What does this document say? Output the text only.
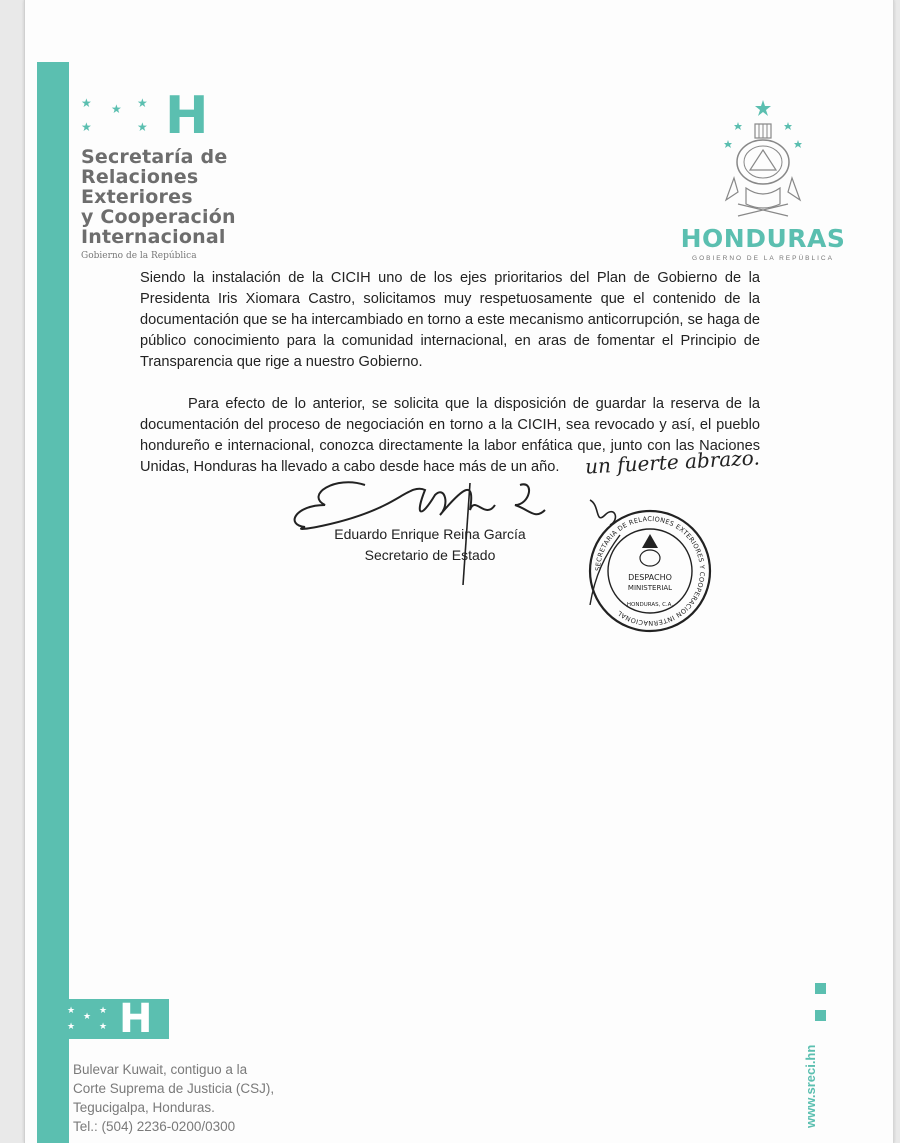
★ ★ ★
★	★ H
Secretaría de
Relaciones
Exteriores
y Cooperación
Internacional
Gobierno de la República
HONDURAS
GOBIERNO DE LA REPÚBLICA

Siendo la instalación de la CICIH uno de los ejes prioritarios del Plan de Gobierno de la Presidenta Iris Xiomara Castro, solicitamos muy respetuosamente que el contenido de la documentación que se ha intercambiado en torno a este mecanismo anticorrupción, se haga de público conocimiento para la comunidad internacional, en aras de fomentar el Principio de Transparencia que rige a nuestro Gobierno.

Para efecto de lo anterior, se solicita que la disposición de guardar la reserva de la documentación del proceso de negociación en torno a la CICIH, sea revocado y así, el pueblo hondureño e internacional, conozca directamente la labor enfática que, junto con las Naciones Unidas, Honduras ha llevado a cabo desde hace más de un año.	un fuerte abrazo.
Eduardo Enrique Reina García
Secretario de Estado
SECRETARIA DE RELACIONES EXTERIORES Y COOPERACION INTERNACIONAL
DESPACHO
MINISTERIAL
HONDURAS, C.A.
★
★
★
★	★ H
Bulevar Kuwait, contiguo a la
Corte Suprema de Justicia (CSJ),
Tegucigalpa, Honduras.
Tel.: (504) 2236-0200/0300	www.sreci.hn
